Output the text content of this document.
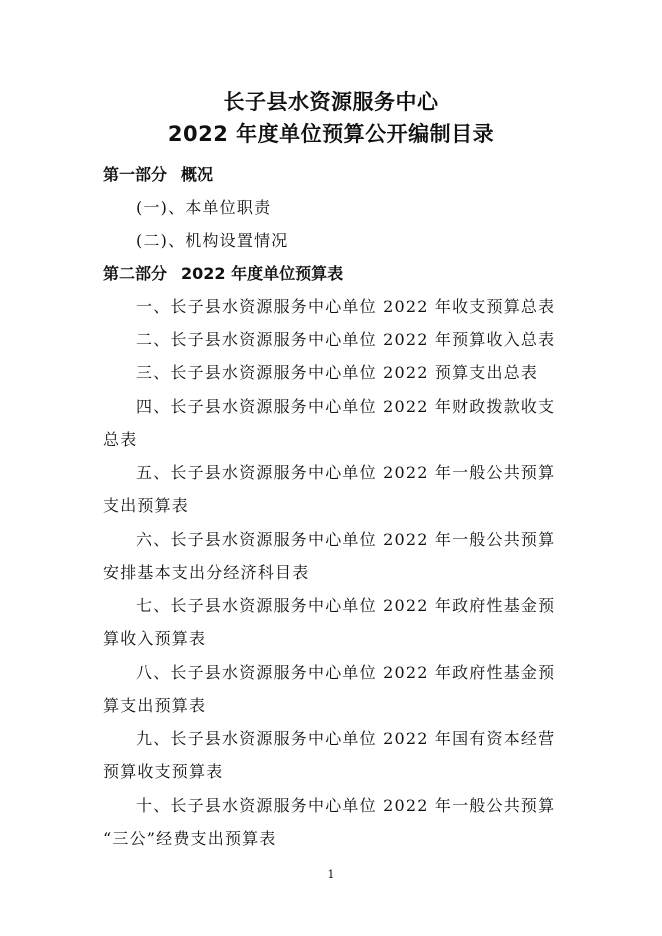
长子县水资源服务中心
2022 年度单位预算公开编制目录
第一部分 概况
(一)、本单位职责
(二)、机构设置情况
第二部分 2022 年度单位预算表
一、长子县水资源服务中心单位 2022 年收支预算总表
二、长子县水资源服务中心单位 2022 年预算收入总表
三、长子县水资源服务中心单位 2022 预算支出总表
四、长子县水资源服务中心单位 2022 年财政拨款收支
总表
五、长子县水资源服务中心单位 2022 年一般公共预算
支出预算表
六、长子县水资源服务中心单位 2022 年一般公共预算
安排基本支出分经济科目表
七、长子县水资源服务中心单位 2022 年政府性基金预
算收入预算表
八、长子县水资源服务中心单位 2022 年政府性基金预
算支出预算表
九、长子县水资源服务中心单位 2022 年国有资本经营
预算收支预算表
十、长子县水资源服务中心单位 2022 年一般公共预算
“三公”经费支出预算表
1
